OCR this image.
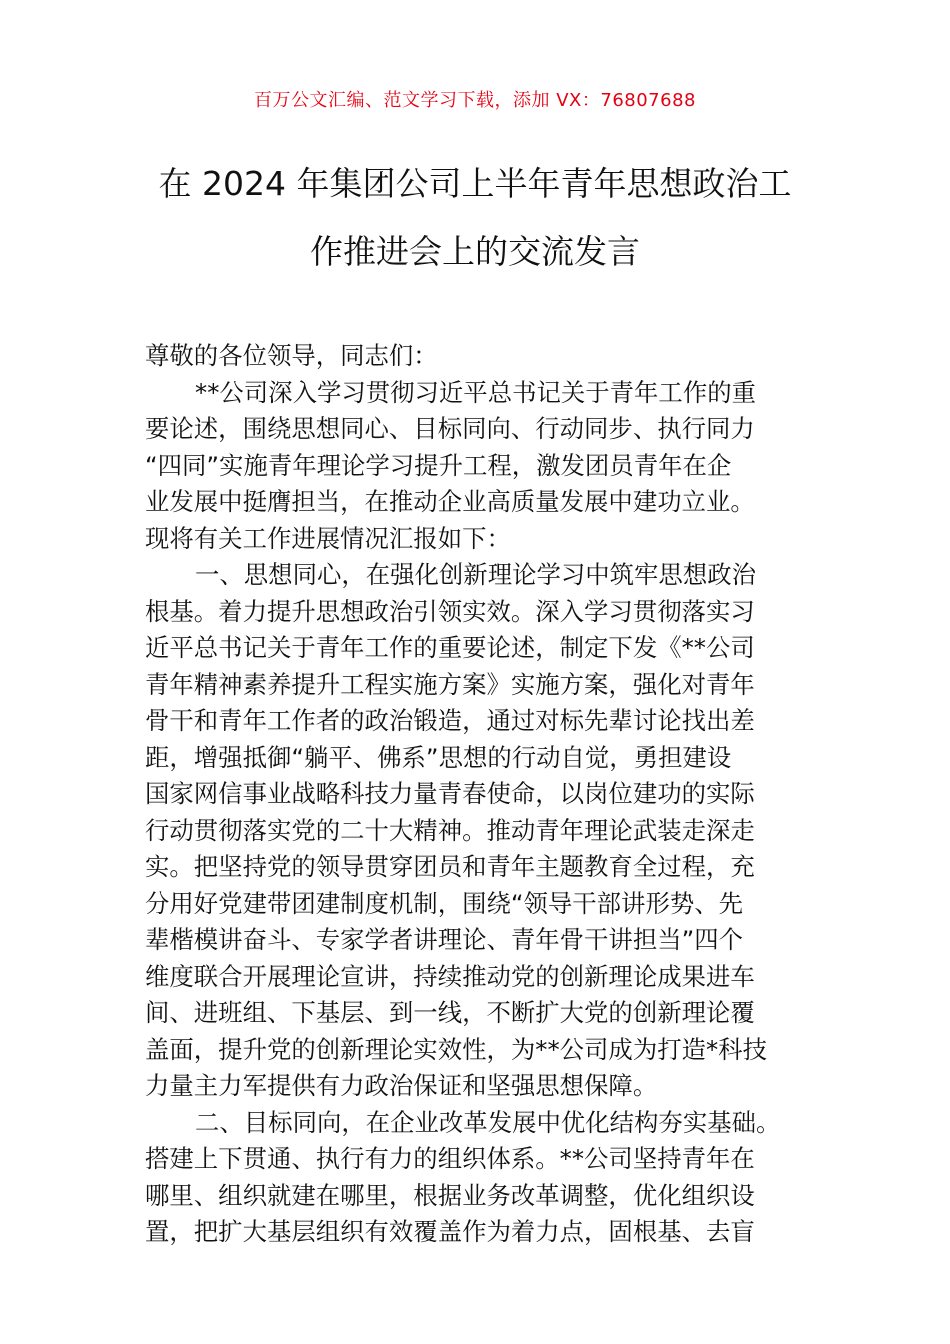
百万公文汇编、范文学习下载，添加 VX：76807688
在 2024 年集团公司上半年青年思想政治工
作推进会上的交流发言
尊敬的各位领导，同志们：
**公司深入学习贯彻习近平总书记关于青年工作的重
要论述，围绕思想同心、目标同向、行动同步、执行同力
“四同”实施青年理论学习提升工程，激发团员青年在企
业发展中挺膺担当，在推动企业高质量发展中建功立业。
现将有关工作进展情况汇报如下：
一、思想同心，在强化创新理论学习中筑牢思想政治
根基。着力提升思想政治引领实效。深入学习贯彻落实习
近平总书记关于青年工作的重要论述，制定下发《**公司
青年精神素养提升工程实施方案》实施方案，强化对青年
骨干和青年工作者的政治锻造，通过对标先辈讨论找出差
距，增强抵御“躺平、佛系”思想的行动自觉，勇担建设
国家网信事业战略科技力量青春使命，以岗位建功的实际
行动贯彻落实党的二十大精神。推动青年理论武装走深走
实。把坚持党的领导贯穿团员和青年主题教育全过程，充
分用好党建带团建制度机制，围绕“领导干部讲形势、先
辈楷模讲奋斗、专家学者讲理论、青年骨干讲担当”四个
维度联合开展理论宣讲，持续推动党的创新理论成果进车
间、进班组、下基层、到一线，不断扩大党的创新理论覆
盖面，提升党的创新理论实效性，为**公司成为打造*科技
力量主力军提供有力政治保证和坚强思想保障。
二、目标同向，在企业改革发展中优化结构夯实基础。
搭建上下贯通、执行有力的组织体系。**公司坚持青年在
哪里、组织就建在哪里，根据业务改革调整，优化组织设
置，把扩大基层组织有效覆盖作为着力点，固根基、去盲
